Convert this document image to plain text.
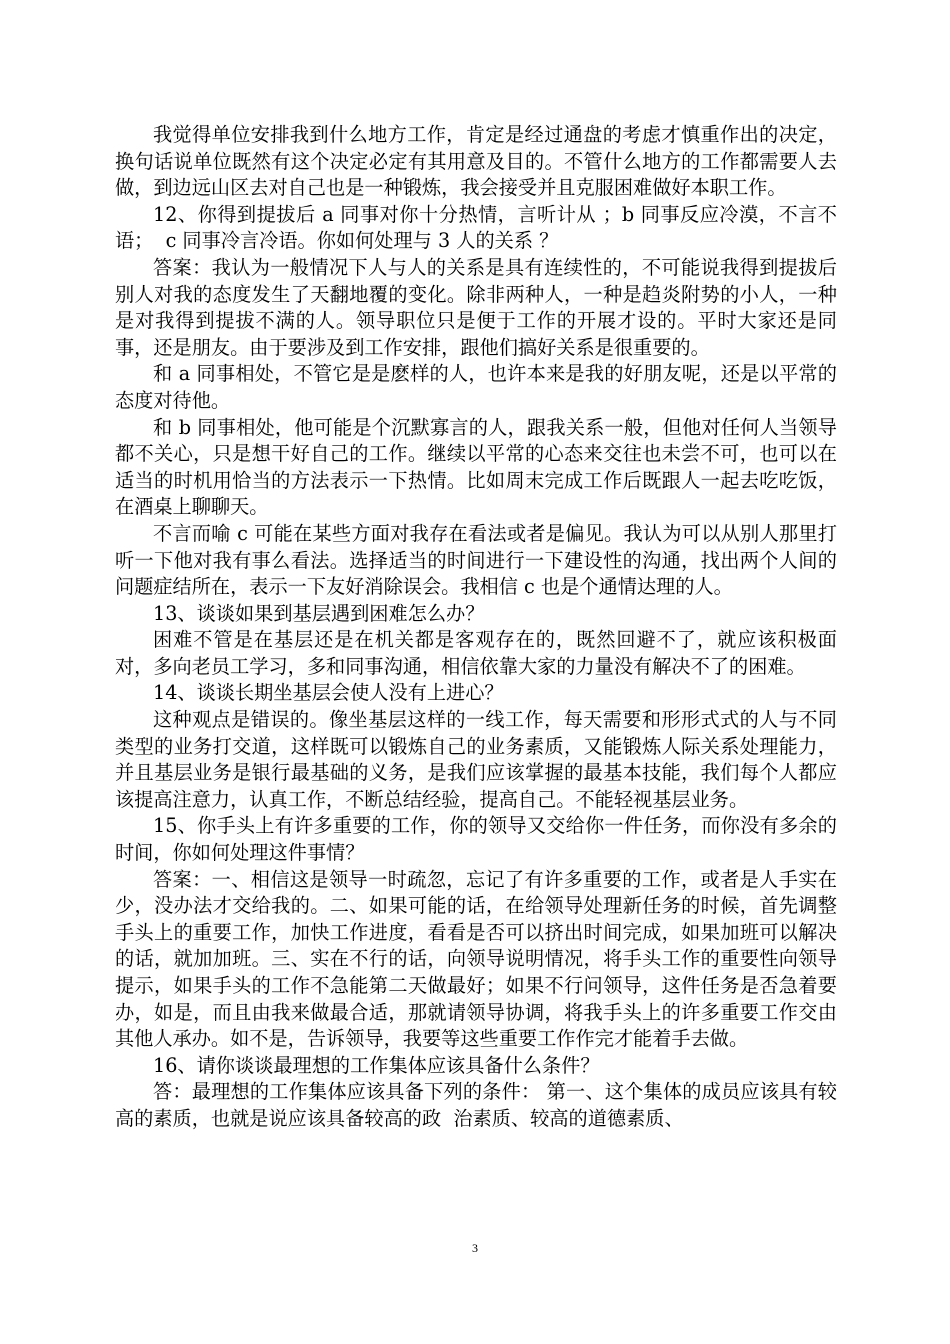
我觉得单位安排我到什么地方工作，肯定是经过通盘的考虑才慎重作出的决定，换句话说单位既然有这个决定必定有其用意及目的。不管什么地方的工作都需要人去做，到边远山区去对自己也是一种锻炼，我会接受并且克服困难做好本职工作。

12、你得到提拔后 a 同事对你十分热情，言听计从 ；b 同事反应冷漠，不言不语；  c 同事冷言冷语。你如何处理与 3 人的关系 ？

答案：我认为一般情况下人与人的关系是具有连续性的，不可能说我得到提拔后别人对我的态度发生了天翻地覆的变化。除非两种人，一种是趋炎附势的小人，一种是对我得到提拔不满的人。领导职位只是便于工作的开展才设的。平时大家还是同事，还是朋友。由于要涉及到工作安排，跟他们搞好关系是很重要的。

和 a 同事相处，不管它是是麽样的人，也许本来是我的好朋友呢，还是以平常的态度对待他。

和 b 同事相处，他可能是个沉默寡言的人，跟我关系一般，但他对任何人当领导都不关心，只是想干好自己的工作。继续以平常的心态来交往也未尝不可，也可以在适当的时机用恰当的方法表示一下热情。比如周末完成工作后既跟人一起去吃吃饭，在酒桌上聊聊天。

不言而喻 c 可能在某些方面对我存在看法或者是偏见。我认为可以从别人那里打听一下他对我有事么看法。选择适当的时间进行一下建设性的沟通，找出两个人间的问题症结所在，表示一下友好消除误会。我相信 c 也是个通情达理的人。

13、谈谈如果到基层遇到困难怎么办？

困难不管是在基层还是在机关都是客观存在的，既然回避不了，就应该积极面对，多向老员工学习，多和同事沟通，相信依靠大家的力量没有解决不了的困难。

14、谈谈长期坐基层会使人没有上进心？

这种观点是错误的。像坐基层这样的一线工作，每天需要和形形式式的人与不同类型的业务打交道，这样既可以锻炼自己的业务素质，又能锻炼人际关系处理能力，并且基层业务是银行最基础的义务，是我们应该掌握的最基本技能，我们每个人都应该提高注意力，认真工作，不断总结经验，提高自己。不能轻视基层业务。

15、你手头上有许多重要的工作，你的领导又交给你一件任务，而你没有多余的时间，你如何处理这件事情？

答案：一、相信这是领导一时疏忽，忘记了有许多重要的工作，或者是人手实在少，没办法才交给我的。二、如果可能的话，在给领导处理新任务的时候，首先调整手头上的重要工作，加快工作进度，看看是否可以挤出时间完成，如果加班可以解决的话，就加加班。三、实在不行的话，向领导说明情况，将手头工作的重要性向领导提示，如果手头的工作不急能第二天做最好；如果不行问领导，这件任务是否急着要办，如是，而且由我来做最合适，那就请领导协调，将我手头上的许多重要工作交由其他人承办。如不是，告诉领导，我要等这些重要工作作完才能着手去做。

16、请你谈谈最理想的工作集体应该具备什么条件？

答：最理想的工作集体应该具备下列的条件： 第一、这个集体的成员应该具有较高的素质，也就是说应该具备较高的政  治素质、较高的道德素质、

3
